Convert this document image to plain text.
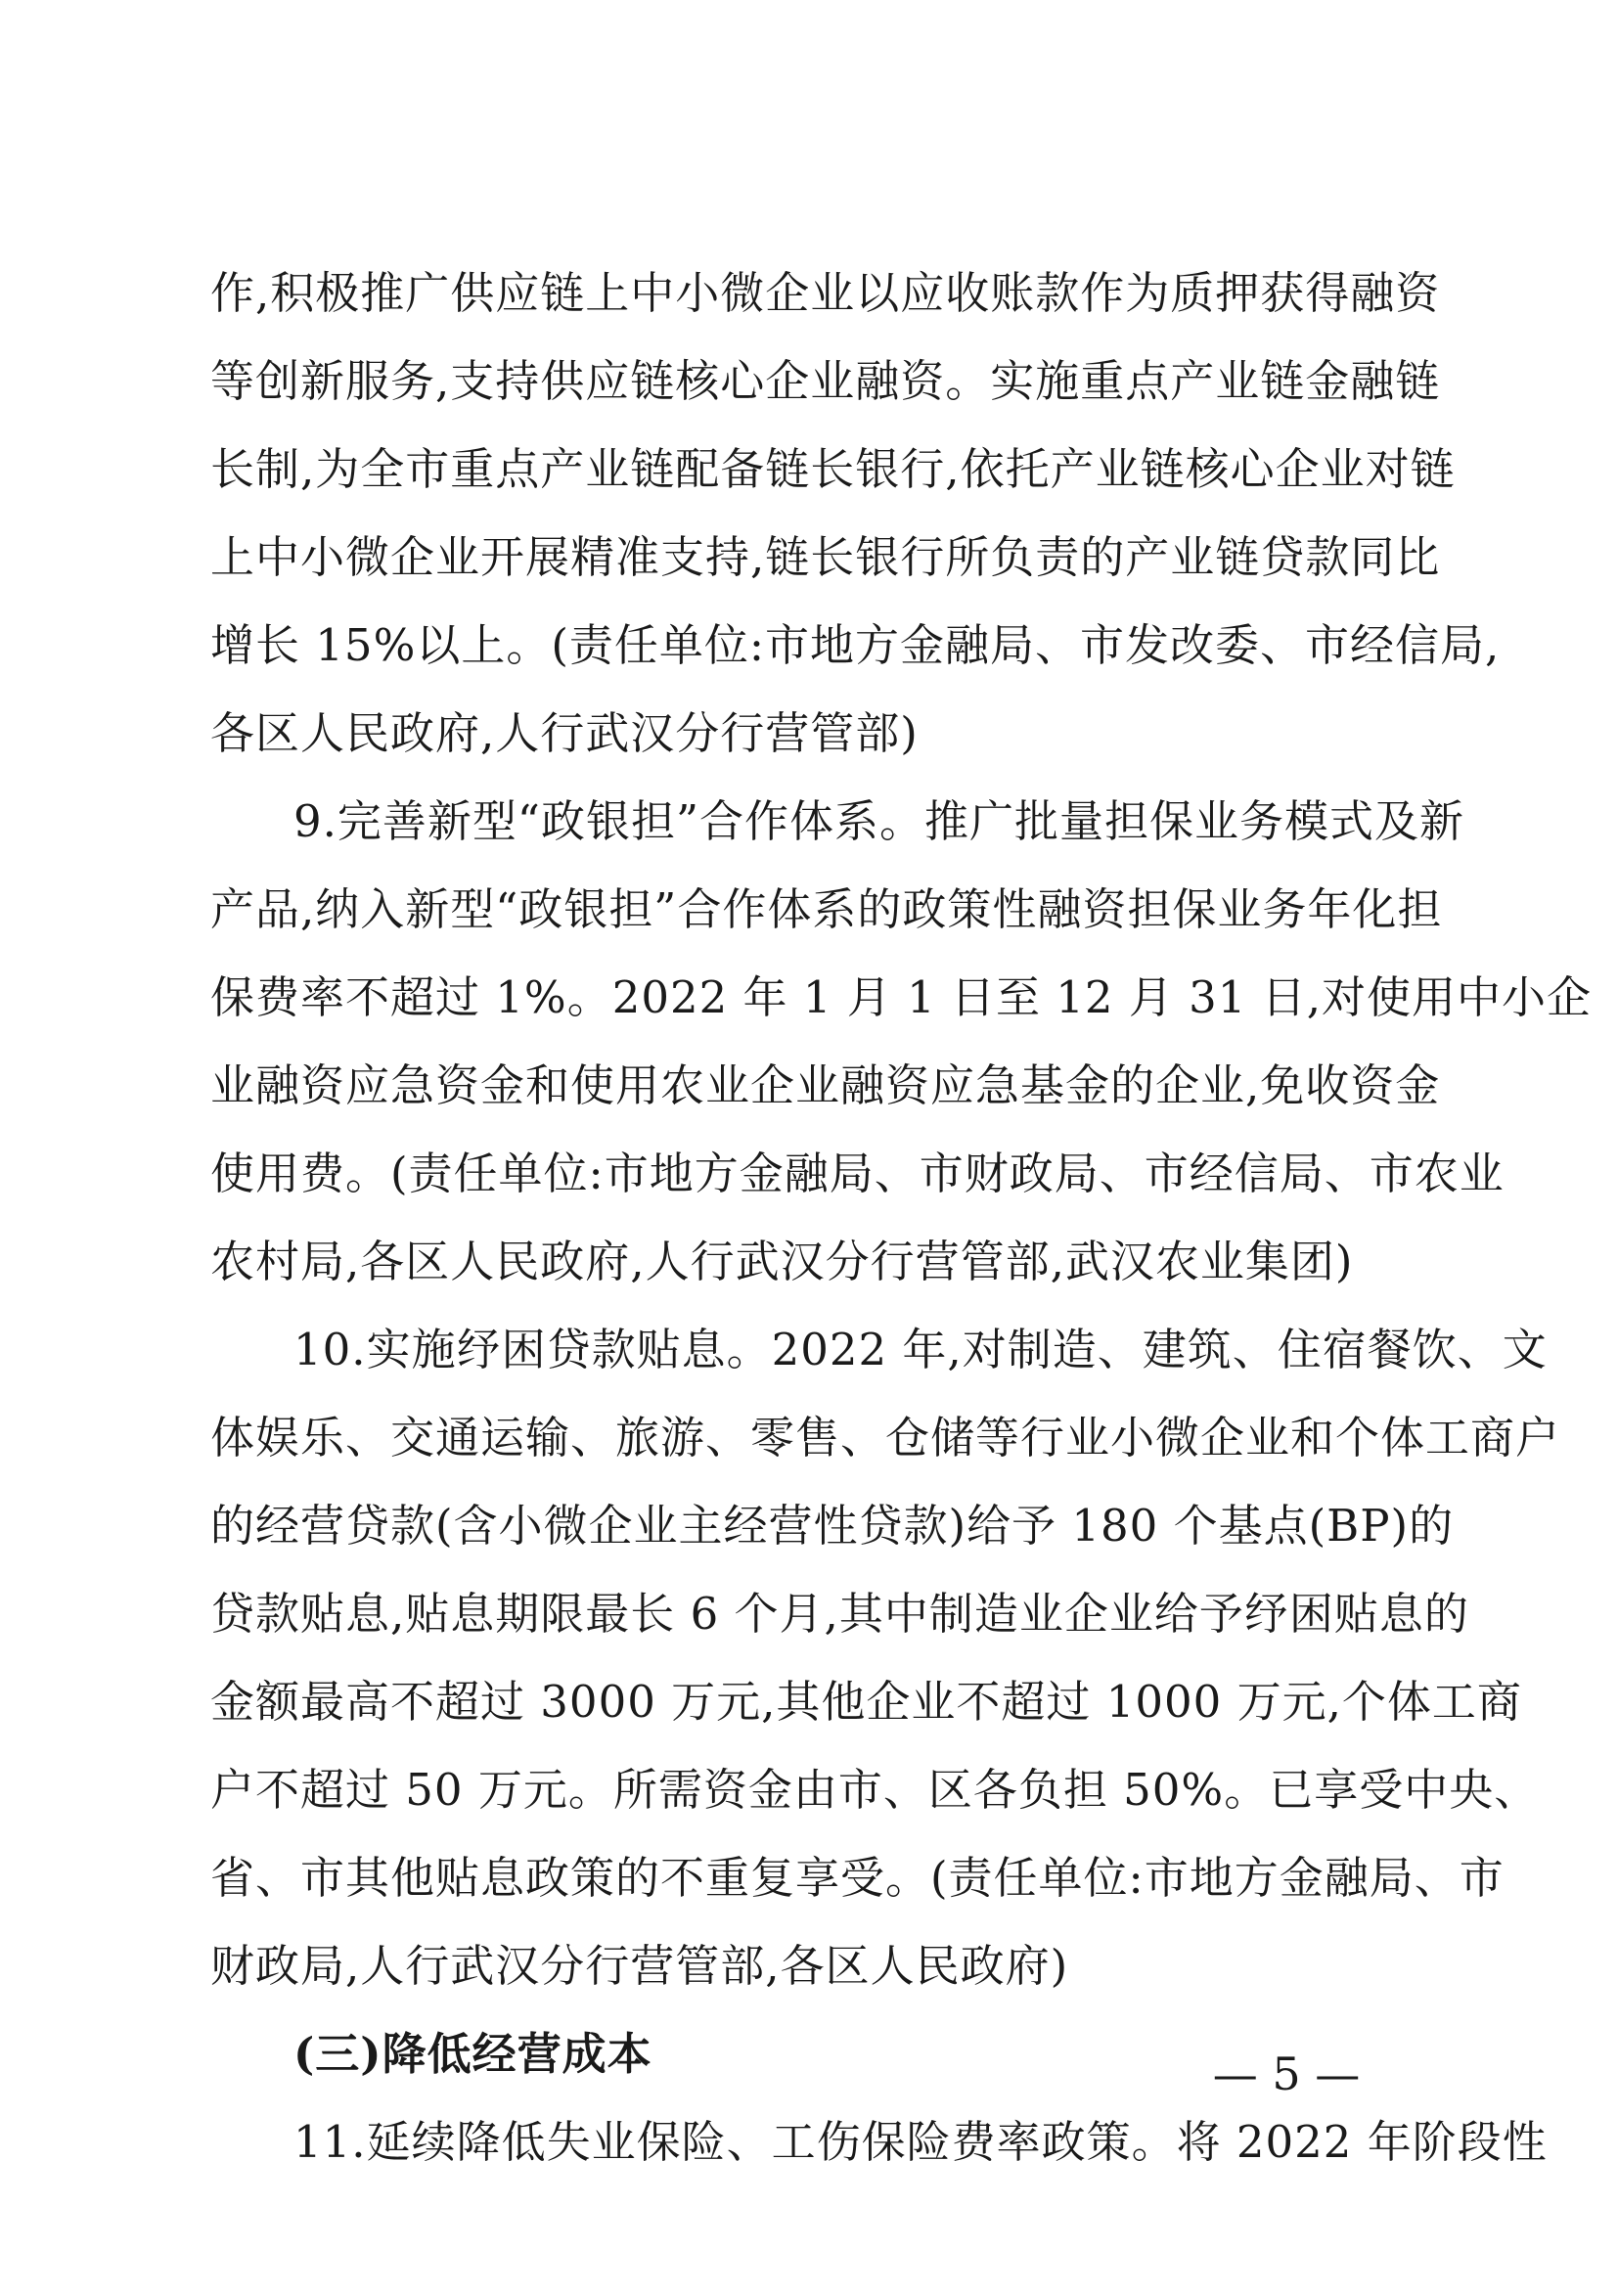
作,积极推广供应链上中小微企业以应收账款作为质押获得融资
等创新服务,支持供应链核心企业融资。实施重点产业链金融链
长制,为全市重点产业链配备链长银行,依托产业链核心企业对链
上中小微企业开展精准支持,链长银行所负责的产业链贷款同比
增长 15%以上。(责任单位:市地方金融局、市发改委、市经信局,
各区人民政府,人行武汉分行营管部)
9.完善新型“政银担”合作体系。推广批量担保业务模式及新
产品,纳入新型“政银担”合作体系的政策性融资担保业务年化担
保费率不超过 1%。2022 年 1 月 1 日至 12 月 31 日,对使用中小企
业融资应急资金和使用农业企业融资应急基金的企业,免收资金
使用费。(责任单位:市地方金融局、市财政局、市经信局、市农业
农村局,各区人民政府,人行武汉分行营管部,武汉农业集团)
10.实施纾困贷款贴息。2022 年,对制造、建筑、住宿餐饮、文
体娱乐、交通运输、旅游、零售、仓储等行业小微企业和个体工商户
的经营贷款(含小微企业主经营性贷款)给予 180 个基点(BP)的
贷款贴息,贴息期限最长 6 个月,其中制造业企业给予纾困贴息的
金额最高不超过 3000 万元,其他企业不超过 1000 万元,个体工商
户不超过 50 万元。所需资金由市、区各负担 50%。已享受中央、
省、市其他贴息政策的不重复享受。(责任单位:市地方金融局、市
财政局,人行武汉分行营管部,各区人民政府)
(三)降低经营成本
11.延续降低失业保险、工伤保险费率政策。将 2022 年阶段性
— 5 —
